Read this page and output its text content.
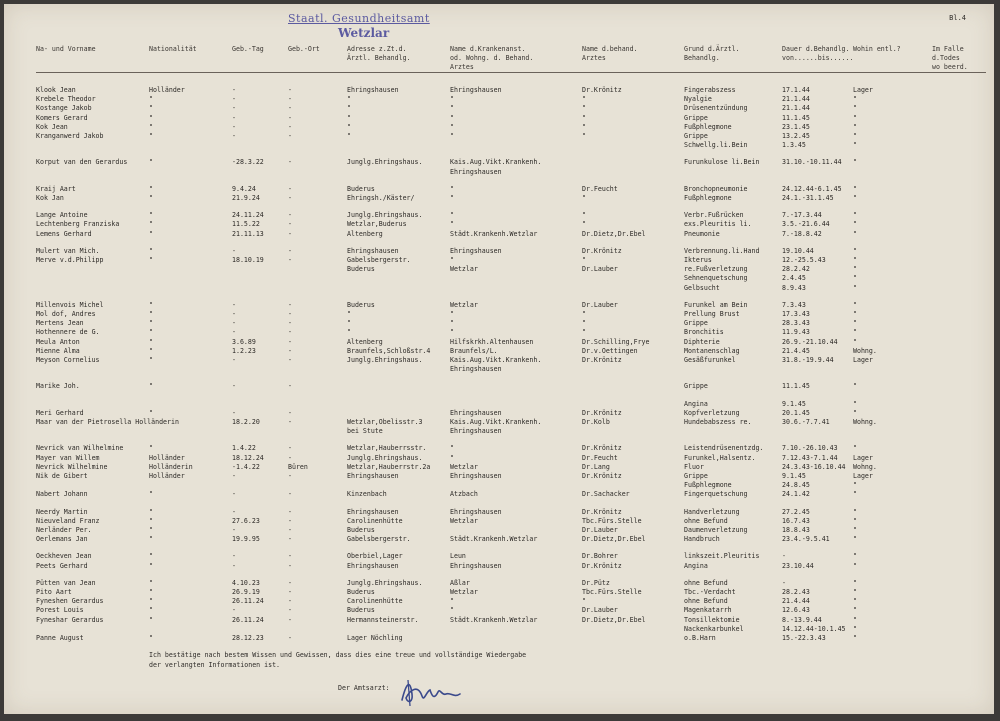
Staatl. Gesundheitsamt
Wetzlar
Bl.4
Na- und Vorname	Nationalität	Geb.-Tag	Geb.-Ort	Adresse z.Zt.d.
Ärztl. Behandlg.
Name d.Krankenanst.
od. Wohng. d. Behand.
Arztes
Name d.behand.
Arztes
Grund d.Ärztl.
Behandlg.
Dauer d.Behandlg.
von......bis......
Wohin entl.?	Im Falle
d.Todes
wo beerd.
Klook Jean	Holländer	-	-	Ehringshausen	Ehringshausen	Dr.Krönitz	Fingerabszess	17.1.44	Lager
Krebele Theodor	"	-	-	"	"	"	Nyalgie	21.1.44	"
Kostange Jakob	"	-	-	"	"	"	Drüsenentzündung	21.1.44	"
Komers Gerard	"	-	-	"	"	"	Grippe	11.1.45	"
Kok Jean	"	-	-	"	"	"	Fußphlegmone	23.1.45	"
Kranganwerd Jakob	"	-	-	"	"	"	Grippe	13.2.45	"
Schwellg.li.Bein	1.3.45	"
Korput van den Gerardus	"	-28.3.22	-	Junglg.Ehringshaus.	Kais.Aug.Vikt.Krankenh.	Furunkulose li.Bein	31.10.-10.11.44 "
Ehringshausen
Kraij Aart	"	9.4.24	-	Buderus	"	Dr.Feucht	Bronchopneumonie	24.12.44-6.1.45 "
Kok Jan	"	21.9.24	-	Ehringsh./Käster/	"	"	Fußphlegmone	24.1.-31.1.45	"
Lange Antoine	"	24.11.24	-	Junglg.Ehringshaus.	"	"	Verbr.Fußrücken	7.-17.3.44	"
Lechtenberg Franziska	"	11.5.22	-	Wetzlar,Buderus	"	"	exs.Pleuritis li.	3.5.-21.6.44	"
Lemens Gerhard	"	21.11.13	-	Altenberg	Städt.Krankenh.Wetzlar	Dr.Dietz,Dr.Ebel	Pneumonie	7.-18.8.42	"
Mulert van Mich.	"	-	-	Ehringshausen	Ehringshausen	Dr.Krönitz	Verbrennung.li.Hand	19.10.44	"
Merve v.d.Philipp	"	18.10.19	-	Gabelsbergerstr.	"	"	Ikterus	12.-25.5.43	"
Buderus	Wetzlar	Dr.Lauber	re.Fußverletzung	28.2.42	"
Sehnenquetschung	2.4.45	"
Gelbsucht	8.9.43	"
Millenvois Michel	"	-	-	Buderus	Wetzlar	Dr.Lauber	Furunkel am Bein	7.3.43	"
Mol dof, Andres	"	-	-	"	"	"	Prellung Brust	17.3.43	"
Mertens Jean	"	-	-	"	"	"	Grippe	28.3.43	"
Hothennere de G.	"	-	-	"	"	"	Bronchitis	11.9.43	"
Meula Anton	"	3.6.89	-	Altenberg	Hilfskrkh.Altenhausen	Dr.Schilling,Frye	Diphterie	26.9.-21.10.44 "
Mienne Alma	"	1.2.23	-	Braunfels,Schloßstr.4	Braunfels/L.	Dr.v.Oettingen	Montanenschlag	21.4.45	Wohng.
Meyson Cornelius	"	-	-	Junglg.Ehringshaus.	Kais.Aug.Vikt.Krankenh.	Dr.Krönitz	Gesäßfurunkel	31.8.-19.9.44	Lager
Ehringshausen
Marike Joh.	"	-	-	Grippe	11.1.45	"
Angina	9.1.45	"
Meri Gerhard	"	-	-	Ehringshausen	Dr.Krönitz	Kopfverletzung	20.1.45	"
Maar van der Pietrosella Holländerin	18.2.20	-	Wetzlar,Obelisstr.3	Kais.Aug.Vikt.Krankenh.	Dr.Kolb	Hundebabszess re.	30.6.-7.7.41	Wohng.
bei Stute	Ehringshausen
Nevrick van Wilhelmine	"	1.4.22	-	Wetzlar,Hauberrsstr.	"	Dr.Krönitz	Leistendrüsenentzdg.	7.10.-26.10.43 "
Mayer van Willem	Holländer	18.12.24	-	Junglg.Ehringshaus.	"	Dr.Feucht	Furunkel,Halsentz.	7.12.43-7.1.44 Lager
Nevrick Wilhelmine	Holländerin	-1.4.22	Büren	Wetzlar,Hauberrstr.2a	Wetzlar	Dr.Lang	Fluor	24.3.43-16.10.44 Wohng.
Nik de Gibert	Holländer	-	-	Ehringshausen	Ehringshausen	Dr.Krönitz	Grippe	9.1.45	Lager
Fußphlegmone	24.8.45	"
Nabert Johann	"	-	-	Kinzenbach	Atzbach	Dr.Sachacker	Fingerquetschung	24.1.42	"
Neerdy Martin	"	-	-	Ehringshausen	Ehringshausen	Dr.Krönitz	Handverletzung	27.2.45	"
Nieuveland Franz	"	27.6.23	-	Carolinenhütte	Wetzlar	Tbc.Fürs.Stelle	ohne Befund	16.7.43	"
Nerländer Per.	"	-	-	Buderus	Dr.Lauber	Daumenverletzung	18.8.43	"
Oerlemans Jan	"	19.9.95	-	Gabelsbergerstr.	Städt.Krankenh.Wetzlar	Dr.Dietz,Dr.Ebel	Handbruch	23.4.-9.5.41	"
Oeckheven Jean	"	-	-	Oberbiel,Lager	Leun	Dr.Bohrer	linkszeit.Pleuritis	-	"
Peets Gerhard	"	-	-	Ehringshausen	Ehringshausen	Dr.Krönitz	Angina	23.10.44	"
Pütten van Jean	"	4.10.23	-	Junglg.Ehringshaus.	Aßlar	Dr.Pütz	ohne Befund	-	"
Pito Aart	"	26.9.19	-	Buderus	Wetzlar	Tbc.Fürs.Stelle	Tbc.-Verdacht	28.2.43	"
Fyneshen Gerardus	"	26.11.24	-	Carolinenhütte	"	"	ohne Befund	21.4.44	"
Porest Louis	"	-	-	Buderus	"	Dr.Lauber	Magenkatarrh	12.6.43	"
Fyneshar Gerardus	"	26.11.24	-	Hermannsteinerstr.	Städt.Krankenh.Wetzlar	Dr.Dietz,Dr.Ebel	Tonsillektomie	8.-13.9.44	"
Nackenkarbunkel	14.12.44-10.1.45 "
Panne August	"	28.12.23	-	Lager Nöchling	o.B.Harn	15.-22.3.43	"
Ich bestätige nach bestem Wissen und Gewissen, dass dies eine treue und vollständige Wiedergabe
der verlangten Informationen ist.
Der Amtsarzt:
